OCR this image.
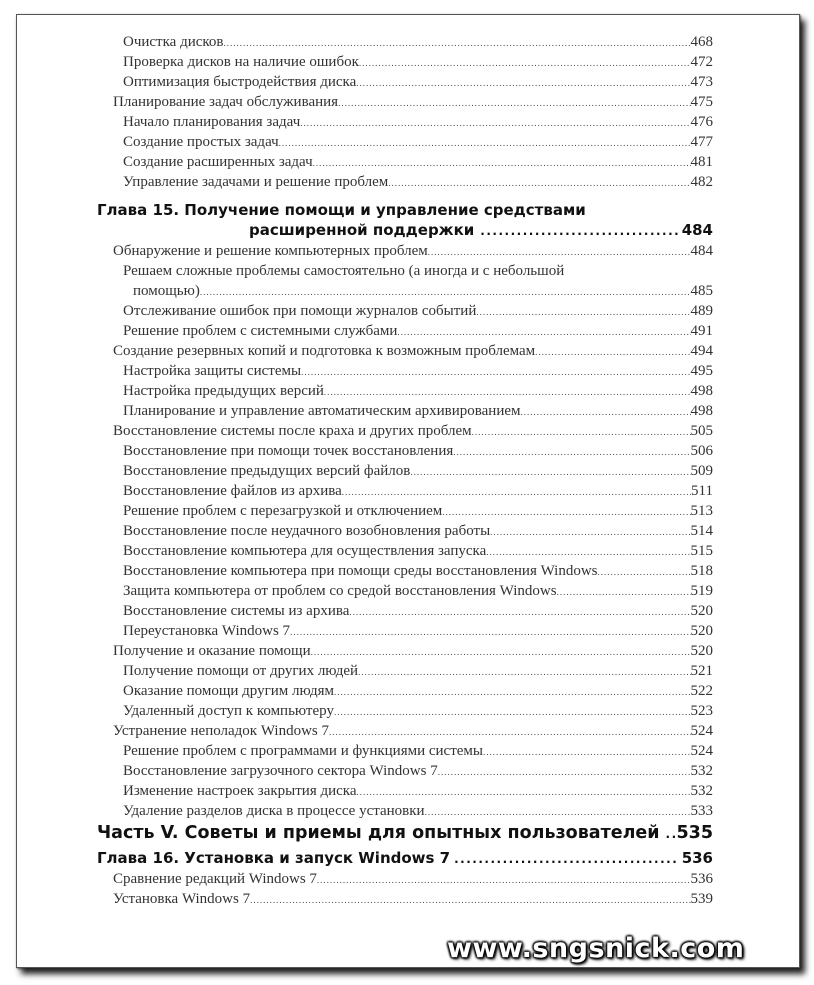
Очистка дисков .....	468
Проверка дисков на наличие ошибок .....	472
Оптимизация быстродействия диска .....	473
Планирование задач обслуживания .....	475
Начало планирования задач .....	476
Создание простых задач .....	477
Создание расширенных задач .....	481
Управление задачами и решение проблем .....	482
Глава 15. Получение помощи и управление средствами
расширенной поддержки .....	484
Обнаружение и решение компьютерных проблем .....	484
Решаем сложные проблемы самостоятельно (а иногда и с небольшой
помощью) .....	485
Отслеживание ошибок при помощи журналов событий .....	489
Решение проблем с системными службами .....	491
Создание резервных копий и подготовка к возможным проблемам .....	494
Настройка защиты системы .....	495
Настройка предыдущих версий .....	498
Планирование и управление автоматическим архивированием .....	498
Восстановление системы после краха и других проблем .....	505
Восстановление при помощи точек восстановления .....	506
Восстановление предыдущих версий файлов .....	509
Восстановление файлов из архива .....	511
Решение проблем с перезагрузкой и отключением .....	513
Восстановление после неудачного возобновления работы .....	514
Восстановление компьютера для осуществления запуска .....	515
Восстановление компьютера при помощи среды восстановления Windows .....	518
Защита компьютера от проблем со средой восстановления Windows .....	519
Восстановление системы из архива .....	520
Переустановка Windows 7 .....	520
Получение и оказание помощи .....	520
Получение помощи от других людей .....	521
Оказание помощи другим людям .....	522
Удаленный доступ к компьютеру .....	523
Устранение неполадок Windows 7 .....	524
Решение проблем с программами и функциями системы .....	524
Восстановление загрузочного сектора Windows 7 .....	532
Изменение настроек закрытия диска .....	532
Удаление разделов диска в процессе установки .....	533
Часть V. Советы и приемы для опытных пользователей ..... 535
Глава 16. Установка и запуск Windows 7 .....	536
Сравнение редакций Windows 7 .....	536
Установка Windows 7 .....	539
www.sngsnick.com
